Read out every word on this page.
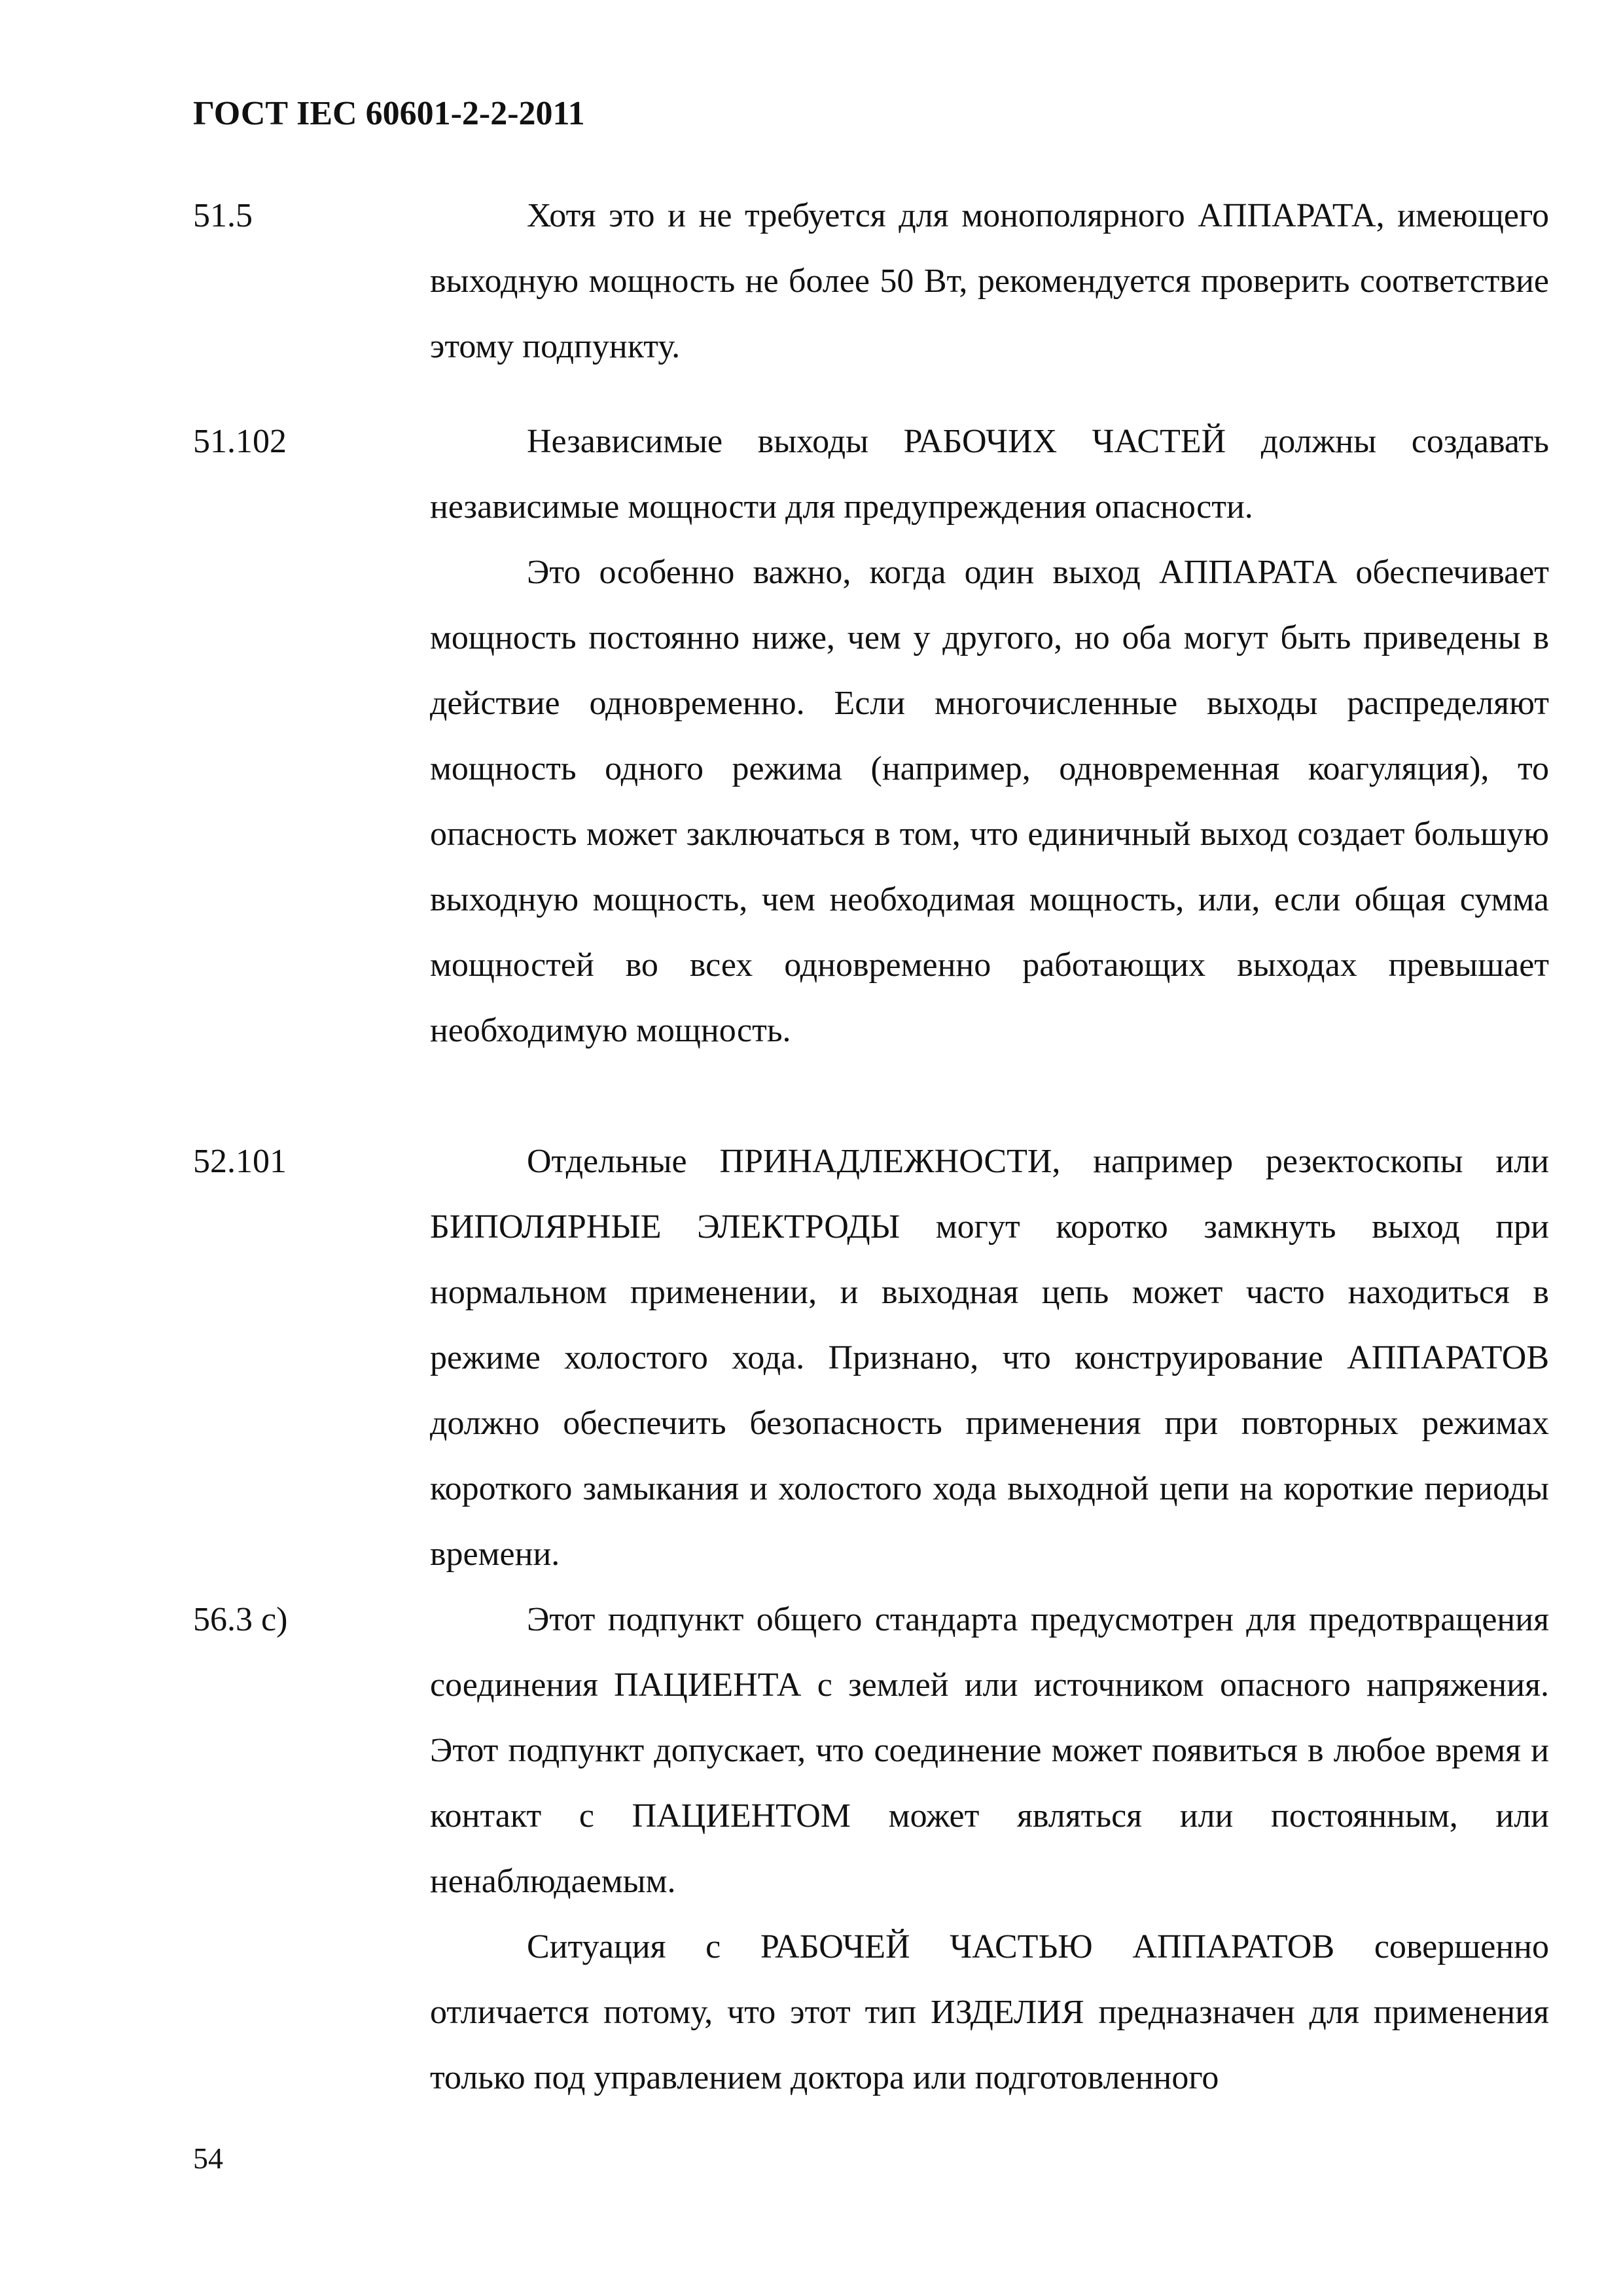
ГОСТ IEC 60601-2-2-2011
51.5	Хотя это и не требуется для монополярного АППАРАТА, имеющего выходную мощность не более 50 Вт, рекомендуется проверить соответствие этому подпункту.

51.102	Независимые выходы РАБОЧИХ ЧАСТЕЙ должны создавать независимые мощности для предупреждения опасности.

Это особенно важно, когда один выход АППАРАТА обеспечивает мощность постоянно ниже, чем у другого, но оба могут быть приведены в действие одновременно. Если многочисленные выходы распределяют мощность одного режима (например, одновременная коагуляция), то опасность может заключаться в том, что единичный выход создает большую выходную мощность, чем необходимая мощность, или, если общая сумма мощностей во всех одновременно работающих выходах превышает необходимую мощность.

52.101	Отдельные ПРИНАДЛЕЖНОСТИ, например резектоскопы или БИПОЛЯРНЫЕ ЭЛЕКТРОДЫ могут коротко замкнуть выход при нормальном применении, и выходная цепь может часто находиться в режиме холостого хода. Признано, что конструирование АППАРАТОВ должно обеспечить безопасность применения при повторных режимах короткого замыкания и холостого хода выходной цепи на короткие периоды времени.

56.3 с)	Этот подпункт общего стандарта предусмотрен для предотвращения соединения ПАЦИЕНТА с землей или источником опасного напряжения. Этот подпункт допускает, что соединение может появиться в любое время и контакт с ПАЦИЕНТОМ может являться или постоянным, или ненаблюдаемым.

Ситуация с РАБОЧЕЙ ЧАСТЬЮ АППАРАТОВ совершенно отличается потому, что этот тип ИЗДЕЛИЯ предназначен для применения только под управлением доктора или подготовленного

54
